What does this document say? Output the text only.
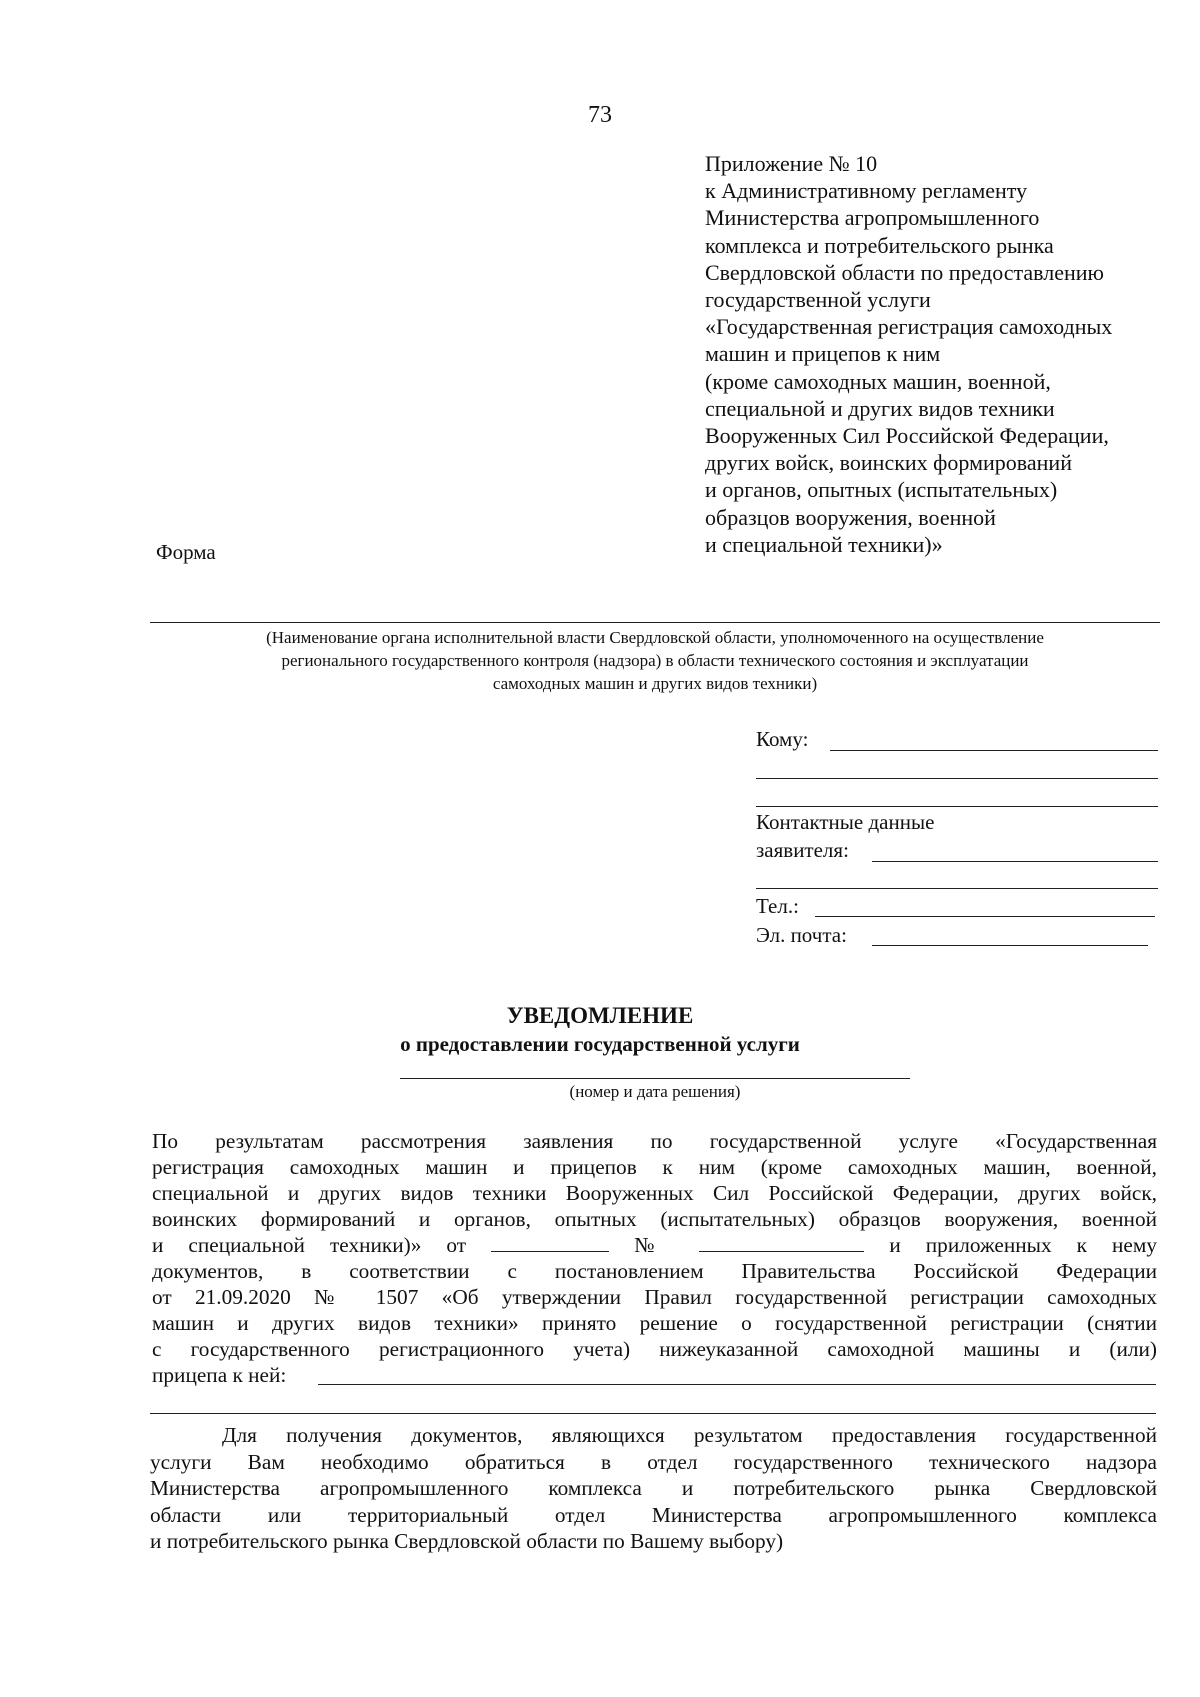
73
Приложение № 10
к Административному регламенту
Министерства агропромышленного
комплекса и потребительского рынка
Свердловской области по предоставлению
государственной услуги
«Государственная регистрация самоходных
машин и прицепов к ним
(кроме самоходных машин, военной,
специальной и других видов техники
Вооруженных Сил Российской Федерации,
других войск, воинских формирований
и органов, опытных (испытательных)
образцов вооружения, военной
и специальной техники)»
Форма
(Наименование органа исполнительной власти Свердловской области, уполномоченного на осуществление
регионального государственного контроля (надзора) в области технического состояния и эксплуатации
самоходных машин и других видов техники)
Кому:
Контактные данные
заявителя:
Тел.:
Эл. почта:
УВЕДОМЛЕНИЕ
о предоставлении государственной услуги
(номер и дата решения)
По результатам рассмотрения заявления по государственной услуге «Государственная
регистрация самоходных машин и прицепов к ним (кроме самоходных машин, военной,
специальной и других видов техники Вооруженных Сил Российской Федерации, других войск,
воинских формирований и органов, опытных (испытательных) образцов вооружения, военной
и специальной техники)» от	№	и приложенных к нему
документов, в соответствии с постановлением Правительства Российской Федерации
от 21.09.2020 № 1507 «Об утверждении Правил государственной регистрации самоходных
машин и других видов техники» принято решение о государственной регистрации (снятии
с государственного регистрационного учета) нижеуказанной самоходной машины и (или)
прицепа к ней:
Для получения документов, являющихся результатом предоставления государственной
услуги Вам необходимо обратиться в отдел государственного технического надзора
Министерства агропромышленного комплекса и потребительского рынка Свердловской
области или территориальный отдел Министерства агропромышленного комплекса
и потребительского рынка Свердловской области по Вашему выбору)
